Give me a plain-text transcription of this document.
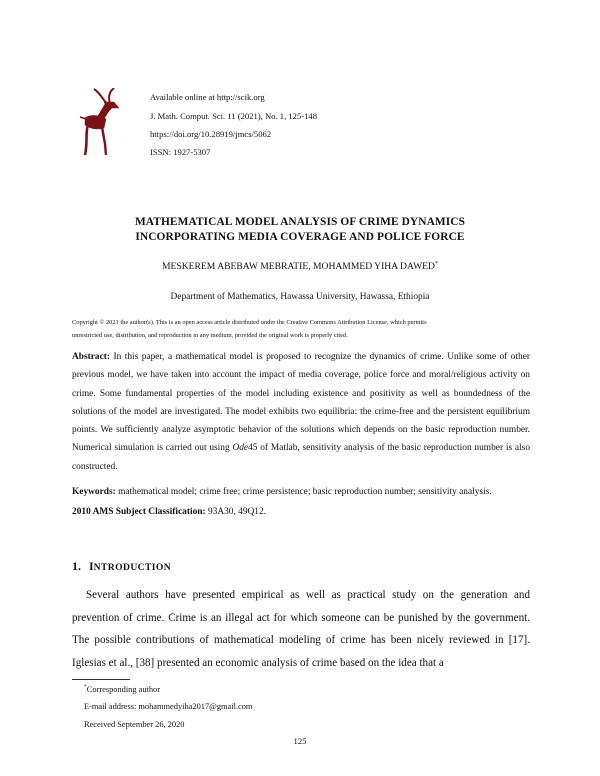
Available online at http://scik.org
J. Math. Comput. Sci. 11 (2021), No. 1, 125-148
https://doi.org/10.28919/jmcs/5062
ISSN: 1927-5307
MATHEMATICAL MODEL ANALYSIS OF CRIME DYNAMICS
INCORPORATING MEDIA COVERAGE AND POLICE FORCE
MESKEREM ABEBAW MEBRATIE, MOHAMMED YIHA DAWED*
Department of Mathematics, Hawassa University, Hawassa, Ethiopia
Copyright © 2021 the author(s). This is an open access article distributed under the Creative Commons Attribution License, which permits
unrestricted use, distribution, and reproduction in any medium, provided the original work is properly cited.
Abstract: In this paper, a mathematical model is proposed to recognize the dynamics of crime. Unlike some of other previous model, we have taken into account the impact of media coverage, police force and moral/religious activity on crime. Some fundamental properties of the model including existence and positivity as well as boundedness of the solutions of the model are investigated. The model exhibits two equilibria: the crime-free and the persistent equilibrium points. We sufficiently analyze asymptotic behavior of the solutions which depends on the basic reproduction number. Numerical simulation is carried out using Ode45 of Matlab, sensitivity analysis of the basic reproduction number is also constructed.
Keywords: mathematical model; crime free; crime persistence; basic reproduction number; sensitivity analysis.
2010 AMS Subject Classification: 93A30, 49Q12.
1. INTRODUCTION
Several authors have presented empirical as well as practical study on the generation and prevention of crime. Crime is an illegal act for which someone can be punished by the government. The possible contributions of mathematical modeling of crime has been nicely reviewed in [17]. Iglesias et al., [38] presented an economic analysis of crime based on the idea that a
*Corresponding author
E-mail address: mohammedyiha2017@gmail.com
Received September 26, 2020
125
